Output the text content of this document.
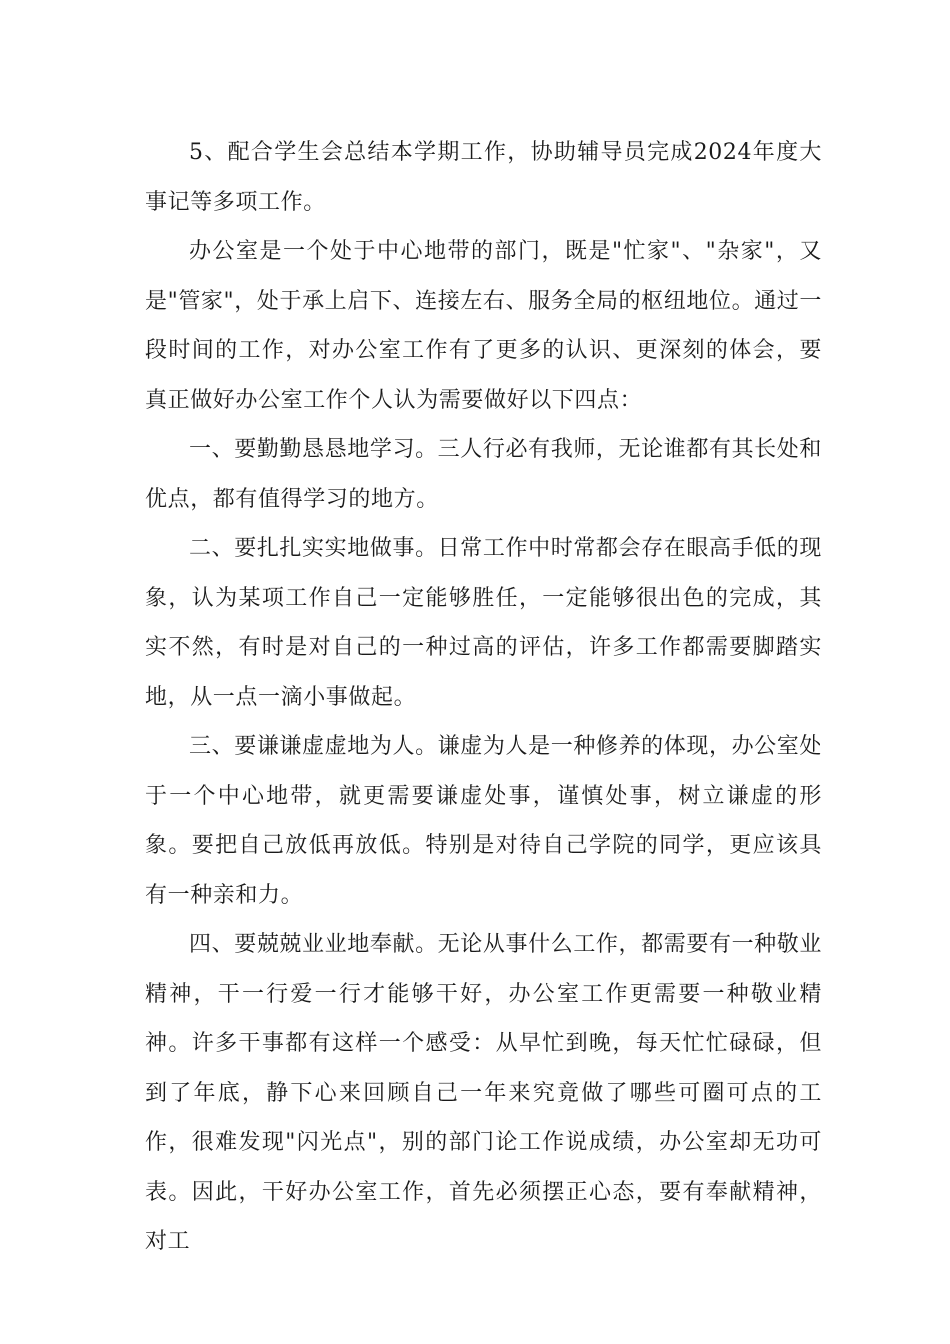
5、配合学生会总结本学期工作，协助辅导员完成2024年度大事记等多项工作。

办公室是一个处于中心地带的部门，既是"忙家"、"杂家"，又是"管家"，处于承上启下、连接左右、服务全局的枢纽地位。通过一段时间的工作，对办公室工作有了更多的认识、更深刻的体会，要真正做好办公室工作个人认为需要做好以下四点：

一、要勤勤恳恳地学习。三人行必有我师，无论谁都有其长处和优点，都有值得学习的地方。

二、要扎扎实实地做事。日常工作中时常都会存在眼高手低的现象，认为某项工作自己一定能够胜任，一定能够很出色的完成，其实不然，有时是对自己的一种过高的评估，许多工作都需要脚踏实地，从一点一滴小事做起。

三、要谦谦虚虚地为人。谦虚为人是一种修养的体现，办公室处于一个中心地带，就更需要谦虚处事，谨慎处事，树立谦虚的形象。要把自己放低再放低。特别是对待自己学院的同学，更应该具有一种亲和力。

四、要兢兢业业地奉献。无论从事什么工作，都需要有一种敬业精神，干一行爱一行才能够干好，办公室工作更需要一种敬业精神。许多干事都有这样一个感受：从早忙到晚，每天忙忙碌碌，但到了年底，静下心来回顾自己一年来究竟做了哪些可圈可点的工作，很难发现"闪光点"，别的部门论工作说成绩，办公室却无功可表。因此，干好办公室工作，首先必须摆正心态，要有奉献精神，对工
